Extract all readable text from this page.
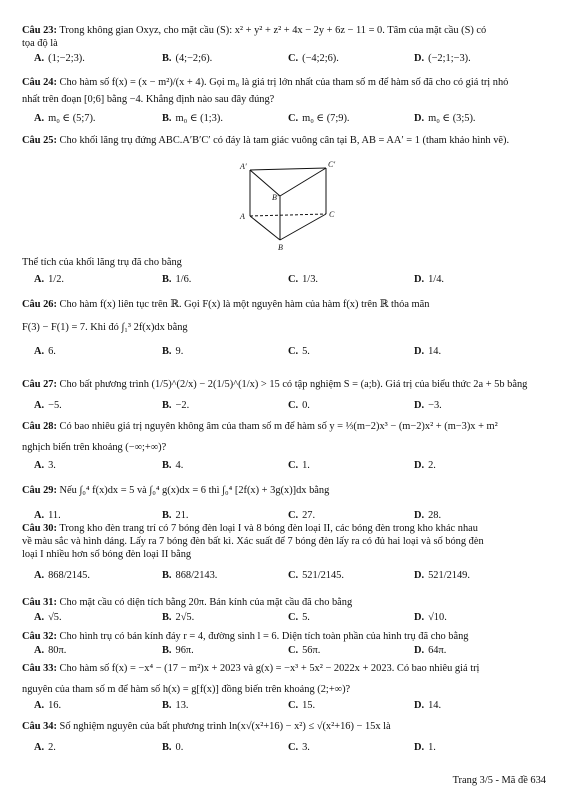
Câu 23: Trong không gian Oxyz, cho mặt cầu (S): x² + y² + z² + 4x − 2y + 6z − 11 = 0. Tâm của mặt cầu (S) có
tọa độ là
A. (1;−2;3).	B. (4;−2;6).	C. (−4;2;6).	D. (−2;1;−3).
Câu 24: Cho hàm số f(x) = (x − m²)/(x + 4). Gọi m₀ là giá trị lớn nhất của tham số m để hàm số đã cho có giá trị nhỏ
nhất trên đoạn [0;6] bằng −4. Khẳng định nào sau đây đúng?
A. m₀ ∈ (5;7).	B. m₀ ∈ (1;3).	C. m₀ ∈ (7;9).	D. m₀ ∈ (3;5).
Câu 25: Cho khối lăng trụ đứng ABC.A′B′C′ có đáy là tam giác vuông cân tại B, AB = AA′ = 1 (tham khảo hình vẽ).
A′	C′
B′
A	C
B
Thể tích của khối lăng trụ đã cho bằng
A. 1/2.	B. 1/6.	C. 1/3.	D. 1/4.
Câu 26: Cho hàm f(x) liên tục trên ℝ. Gọi F(x) là một nguyên hàm của hàm f(x) trên ℝ thỏa mãn
F(3) − F(1) = 7. Khi đó ∫₁³ 2f(x)dx bằng
A. 6.	B. 9.	C. 5.	D. 14.
Câu 27: Cho bất phương trình (1/5)^(2/x) − 2(1/5)^(1/x) > 15 có tập nghiệm S = (a;b). Giá trị của biểu thức 2a + 5b bằng
A. −5.	B. −2.	C. 0.	D. −3.
Câu 28: Có bao nhiêu giá trị nguyên không âm của tham số m để hàm số y = ⅓(m−2)x³ − (m−2)x² + (m−3)x + m²
nghịch biến trên khoảng (−∞;+∞)?
A. 3.	B. 4.	C. 1.	D. 2.
Câu 29: Nếu ∫₀⁴ f(x)dx = 5 và ∫₀⁴ g(x)dx = 6 thì ∫₀⁴ [2f(x) + 3g(x)]dx bằng
A. 11.	B. 21.	C. 27.	D. 28.
Câu 30: Trong kho đèn trang trí có 7 bóng đèn loại I và 8 bóng đèn loại II, các bóng đèn trong kho khác nhau
về màu sắc và hình dáng. Lấy ra 7 bóng đèn bất kì. Xác suất để 7 bóng đèn lấy ra có đủ hai loại và số bóng đèn
loại I nhiều hơn số bóng đèn loại II bằng
A. 868/2145.	B. 868/2143.	C. 521/2145.	D. 521/2149.
Câu 31: Cho mặt cầu có diện tích bằng 20π. Bán kính của mặt cầu đã cho bằng
A. √5.	B. 2√5.	C. 5.	D. √10.
Câu 32: Cho hình trụ có bán kính đáy r = 4, đường sinh l = 6. Diện tích toàn phần của hình trụ đã cho bằng
A. 80π.	B. 96π.	C. 56π.	D. 64π.
Câu 33: Cho hàm số f(x) = −x⁴ − (17 − m²)x + 2023 và g(x) = −x³ + 5x² − 2022x + 2023. Có bao nhiêu giá trị
nguyên của tham số m để hàm số h(x) = g[f(x)] đồng biến trên khoảng (2;+∞)?
A. 16.	B. 13.	C. 15.	D. 14.
Câu 34: Số nghiệm nguyên của bất phương trình ln(x√(x²+16) − x²) ≤ √(x²+16) − 15x là
A. 2.	B. 0.	C. 3.	D. 1.
Trang 3/5 - Mã đề 634
